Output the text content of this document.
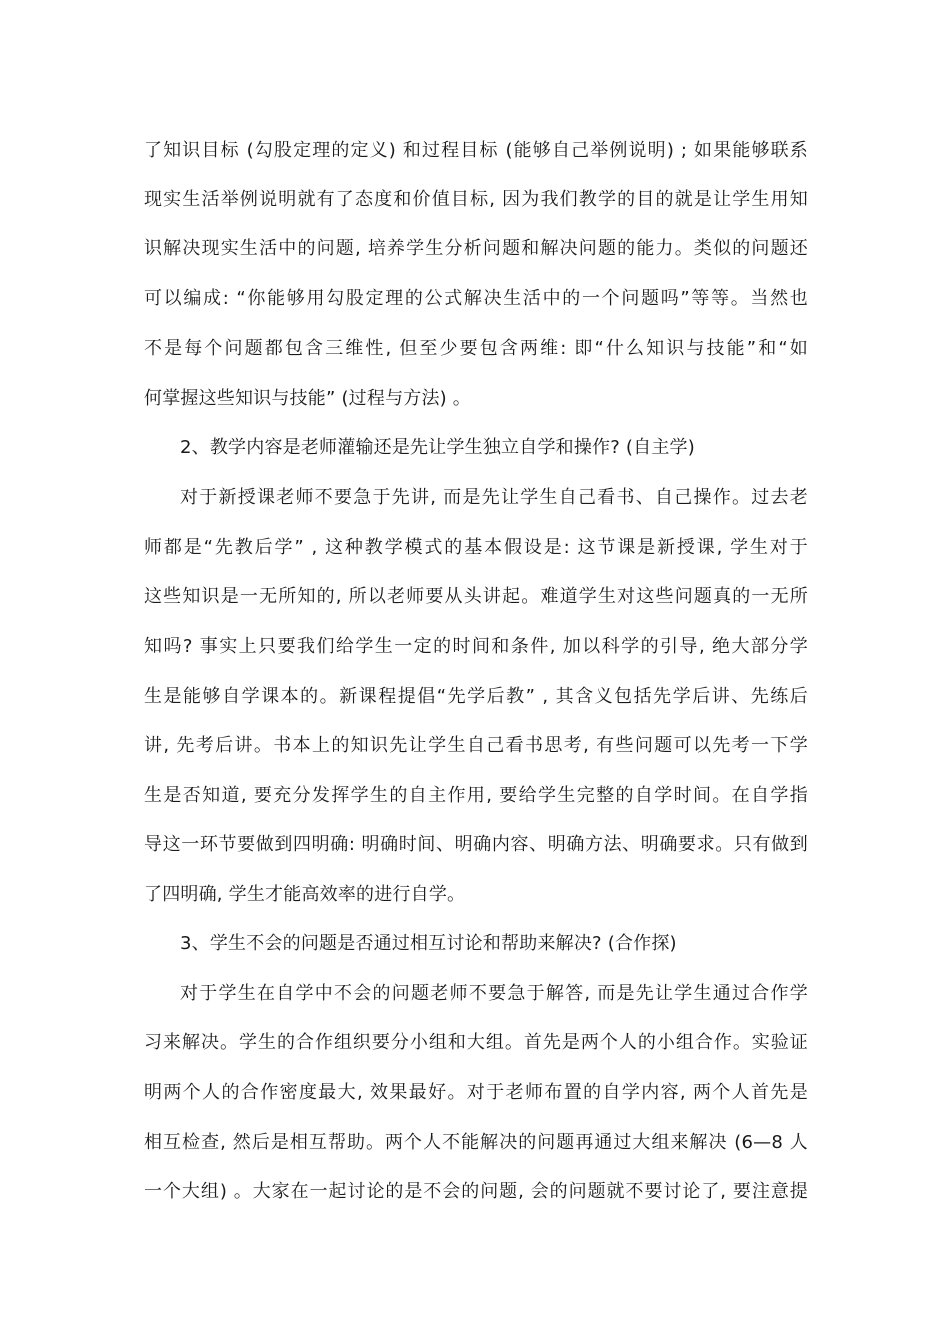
了知识目标 (勾股定理的定义) 和过程目标 (能够自己举例说明) ; 如果能够联系
现实生活举例说明就有了态度和价值目标, 因为我们教学的目的就是让学生用知
识解决现实生活中的问题, 培养学生分析问题和解决问题的能力。类似的问题还
可以编成: “你能够用勾股定理的公式解决生活中的一个问题吗”等等。当然也
不是每个问题都包含三维性, 但至少要包含两维: 即“什么知识与技能”和“如
何掌握这些知识与技能” (过程与方法) 。
2、教学内容是老师灌输还是先让学生独立自学和操作? (自主学)
对于新授课老师不要急于先讲, 而是先让学生自己看书、自己操作。过去老
师都是“先教后学” , 这种教学模式的基本假设是: 这节课是新授课, 学生对于
这些知识是一无所知的, 所以老师要从头讲起。难道学生对这些问题真的一无所
知吗? 事实上只要我们给学生一定的时间和条件, 加以科学的引导, 绝大部分学
生是能够自学课本的。新课程提倡“先学后教” , 其含义包括先学后讲、先练后
讲, 先考后讲。书本上的知识先让学生自己看书思考, 有些问题可以先考一下学
生是否知道, 要充分发挥学生的自主作用, 要给学生完整的自学时间。在自学指
导这一环节要做到四明确: 明确时间、明确内容、明确方法、明确要求。只有做到
了四明确, 学生才能高效率的进行自学。
3、学生不会的问题是否通过相互讨论和帮助来解决? (合作探)
对于学生在自学中不会的问题老师不要急于解答, 而是先让学生通过合作学
习来解决。学生的合作组织要分小组和大组。首先是两个人的小组合作。实验证
明两个人的合作密度最大, 效果最好。对于老师布置的自学内容, 两个人首先是
相互检查, 然后是相互帮助。两个人不能解决的问题再通过大组来解决 (6—8 人
一个大组) 。大家在一起讨论的是不会的问题, 会的问题就不要讨论了, 要注意提
